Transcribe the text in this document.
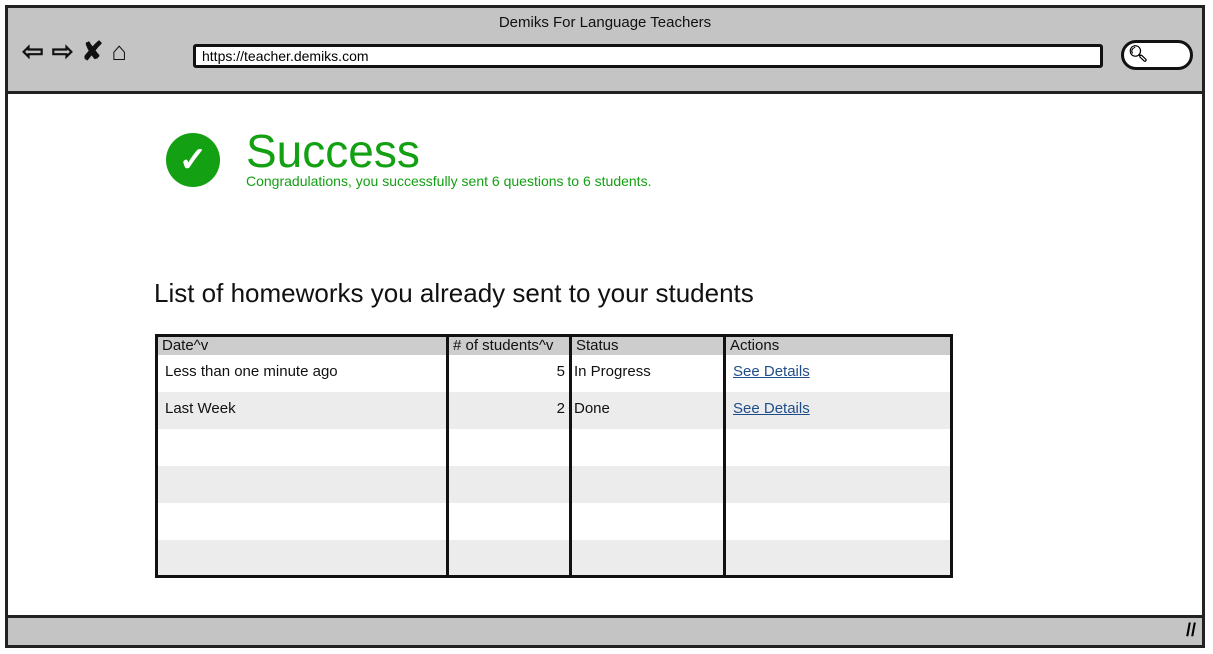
Demiks For Language Teachers
⇦ ⇨ ✘ ⌂	https://teacher.demiks.com	🔍︎
//
✓ Success
Congradulations, you successfully sent 6 questions to 6 students.
List of homeworks you already sent to your students
Date^v	# of students^v	Status	Actions
Less than one minute ago	5	In Progress	See Details
Last Week	2	Done	See Details
